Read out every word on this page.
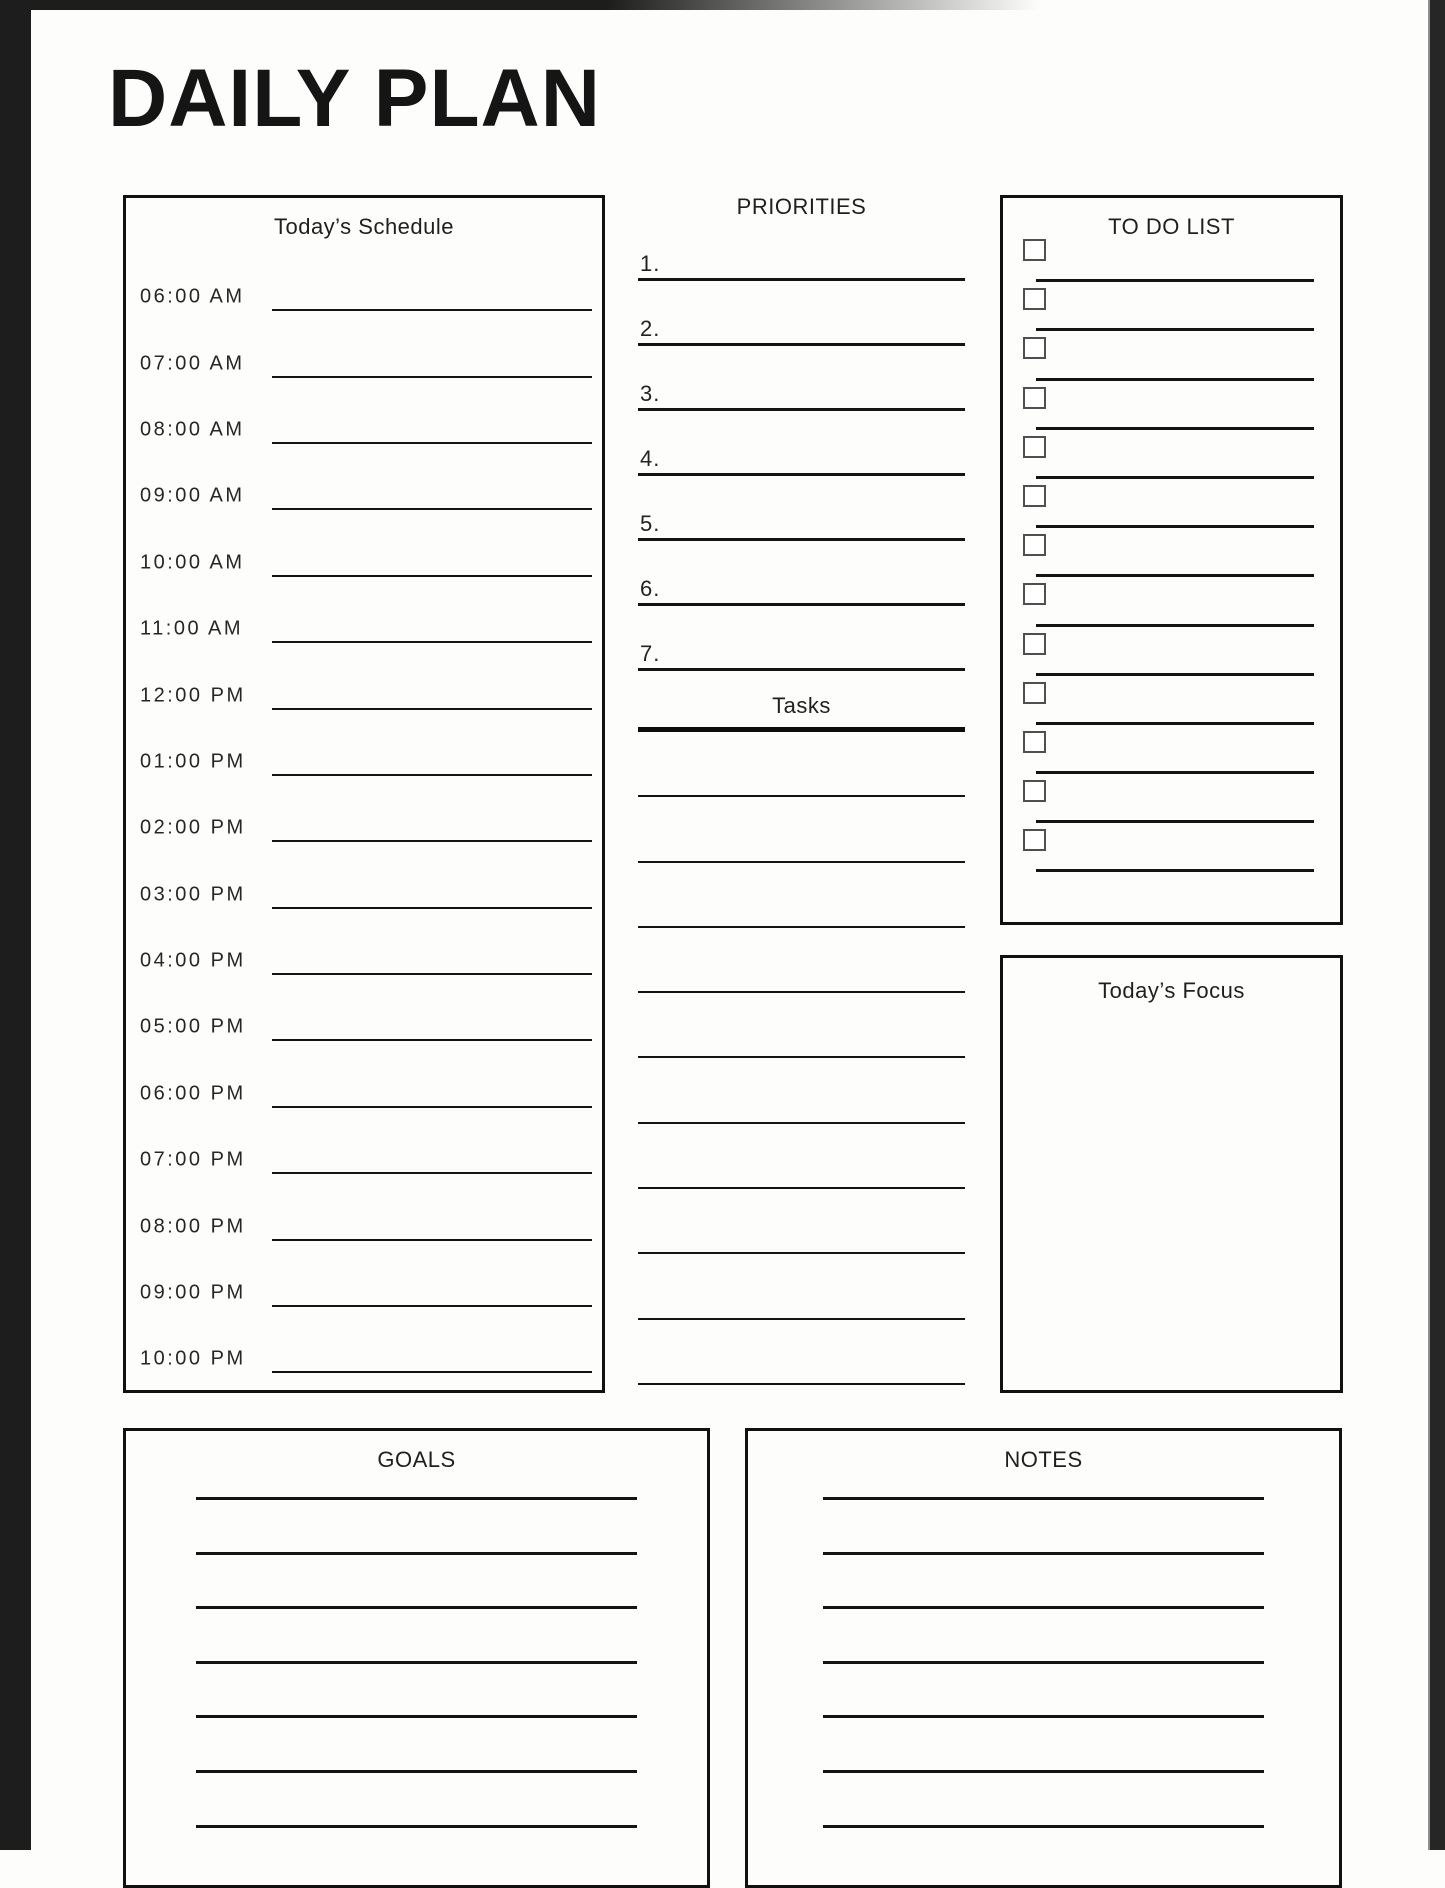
DAILY PLAN
Today’s Schedule
06:00 AM
07:00 AM
08:00 AM
09:00 AM
10:00 AM
11:00 AM
12:00 PM
01:00 PM
02:00 PM
03:00 PM
04:00 PM
05:00 PM
06:00 PM
07:00 PM
08:00 PM
09:00 PM
10:00 PM
PRIORITIES
1.
2.
3.
4.
5.
6.
7.
Tasks
TO DO LIST
Today’s Focus
GOALS	NOTES
